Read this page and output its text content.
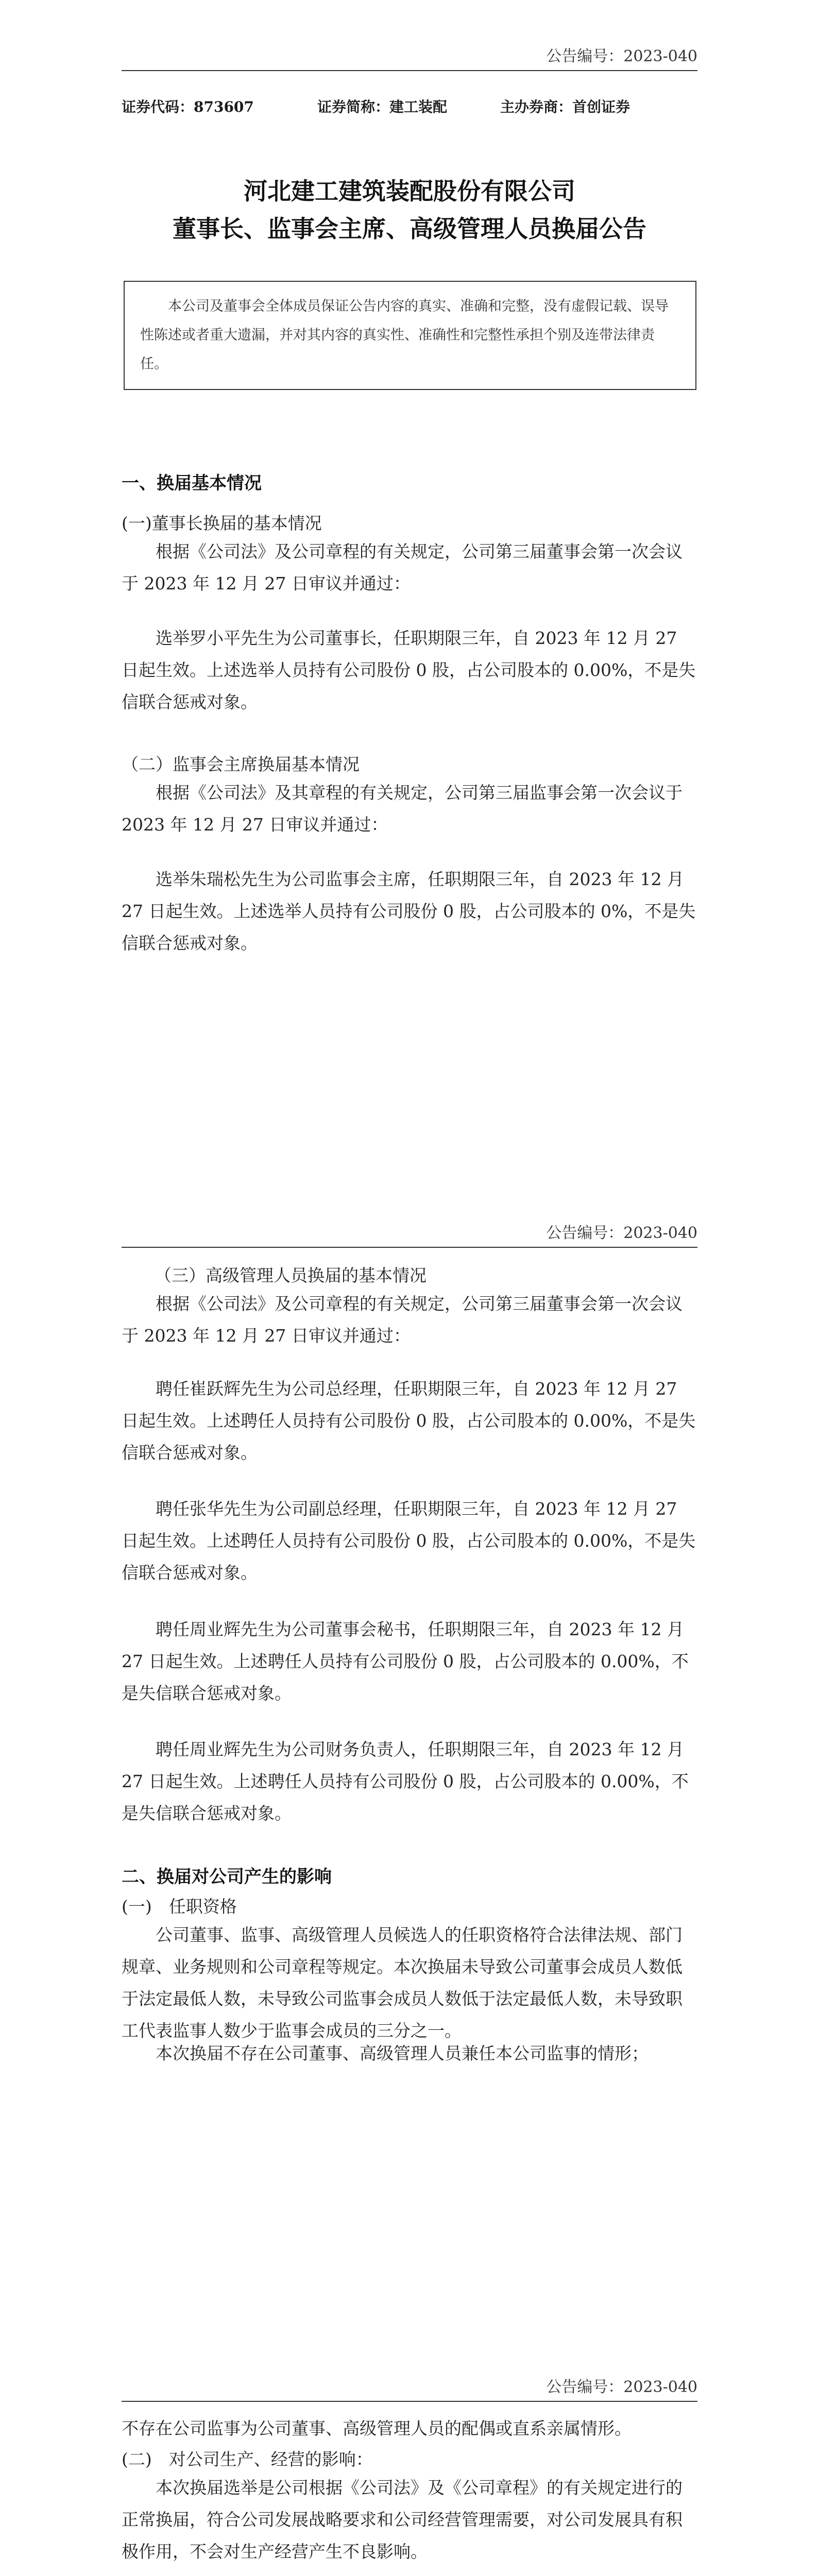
公告编号：2023-040
证券代码：873607	证券简称：建工装配	主办券商：首创证券
河北建工建筑装配股份有限公司
董事长、监事会主席、高级管理人员换届公告
本公司及董事会全体成员保证公告内容的真实、准确和完整，没有虚假记载、误导性陈述或者重大遗漏，并对其内容的真实性、准确性和完整性承担个别及连带法律责任。
一、换届基本情况
(一)董事长换届的基本情况
根据《公司法》及公司章程的有关规定，公司第三届董事会第一次会议于 2023 年 12 月 27 日审议并通过：
选举罗小平先生为公司董事长，任职期限三年，自 2023 年 12 月 27 日起生效。上述选举人员持有公司股份 0 股，占公司股本的 0.00%，不是失信联合惩戒对象。
（二）监事会主席换届基本情况
根据《公司法》及其章程的有关规定，公司第三届监事会第一次会议于 2023 年 12 月 27 日审议并通过：
选举朱瑞松先生为公司监事会主席，任职期限三年，自 2023 年 12 月 27 日起生效。上述选举人员持有公司股份 0 股，占公司股本的 0%，不是失信联合惩戒对象。
公告编号：2023-040
（三）高级管理人员换届的基本情况
根据《公司法》及公司章程的有关规定，公司第三届董事会第一次会议于 2023 年 12 月 27 日审议并通过：
聘任崔跃辉先生为公司总经理，任职期限三年，自 2023 年 12 月 27 日起生效。上述聘任人员持有公司股份 0 股，占公司股本的 0.00%，不是失信联合惩戒对象。
聘任张华先生为公司副总经理，任职期限三年，自 2023 年 12 月 27 日起生效。上述聘任人员持有公司股份 0 股，占公司股本的 0.00%，不是失信联合惩戒对象。
聘任周业辉先生为公司董事会秘书，任职期限三年，自 2023 年 12 月 27 日起生效。上述聘任人员持有公司股份 0 股，占公司股本的 0.00%，不是失信联合惩戒对象。
聘任周业辉先生为公司财务负责人，任职期限三年，自 2023 年 12 月 27 日起生效。上述聘任人员持有公司股份 0 股，占公司股本的 0.00%，不是失信联合惩戒对象。
二、换届对公司产生的影响
(一)　任职资格
公司董事、监事、高级管理人员候选人的任职资格符合法律法规、部门规章、业务规则和公司章程等规定。本次换届未导致公司董事会成员人数低于法定最低人数，未导致公司监事会成员人数低于法定最低人数，未导致职工代表监事人数少于监事会成员的三分之一。
本次换届不存在公司董事、高级管理人员兼任本公司监事的情形；
公告编号：2023-040
不存在公司监事为公司董事、高级管理人员的配偶或直系亲属情形。
(二)　对公司生产、经营的影响：
本次换届选举是公司根据《公司法》及《公司章程》的有关规定进行的正常换届，符合公司发展战略要求和公司经营管理需要，对公司发展具有积极作用，不会对生产经营产生不良影响。
